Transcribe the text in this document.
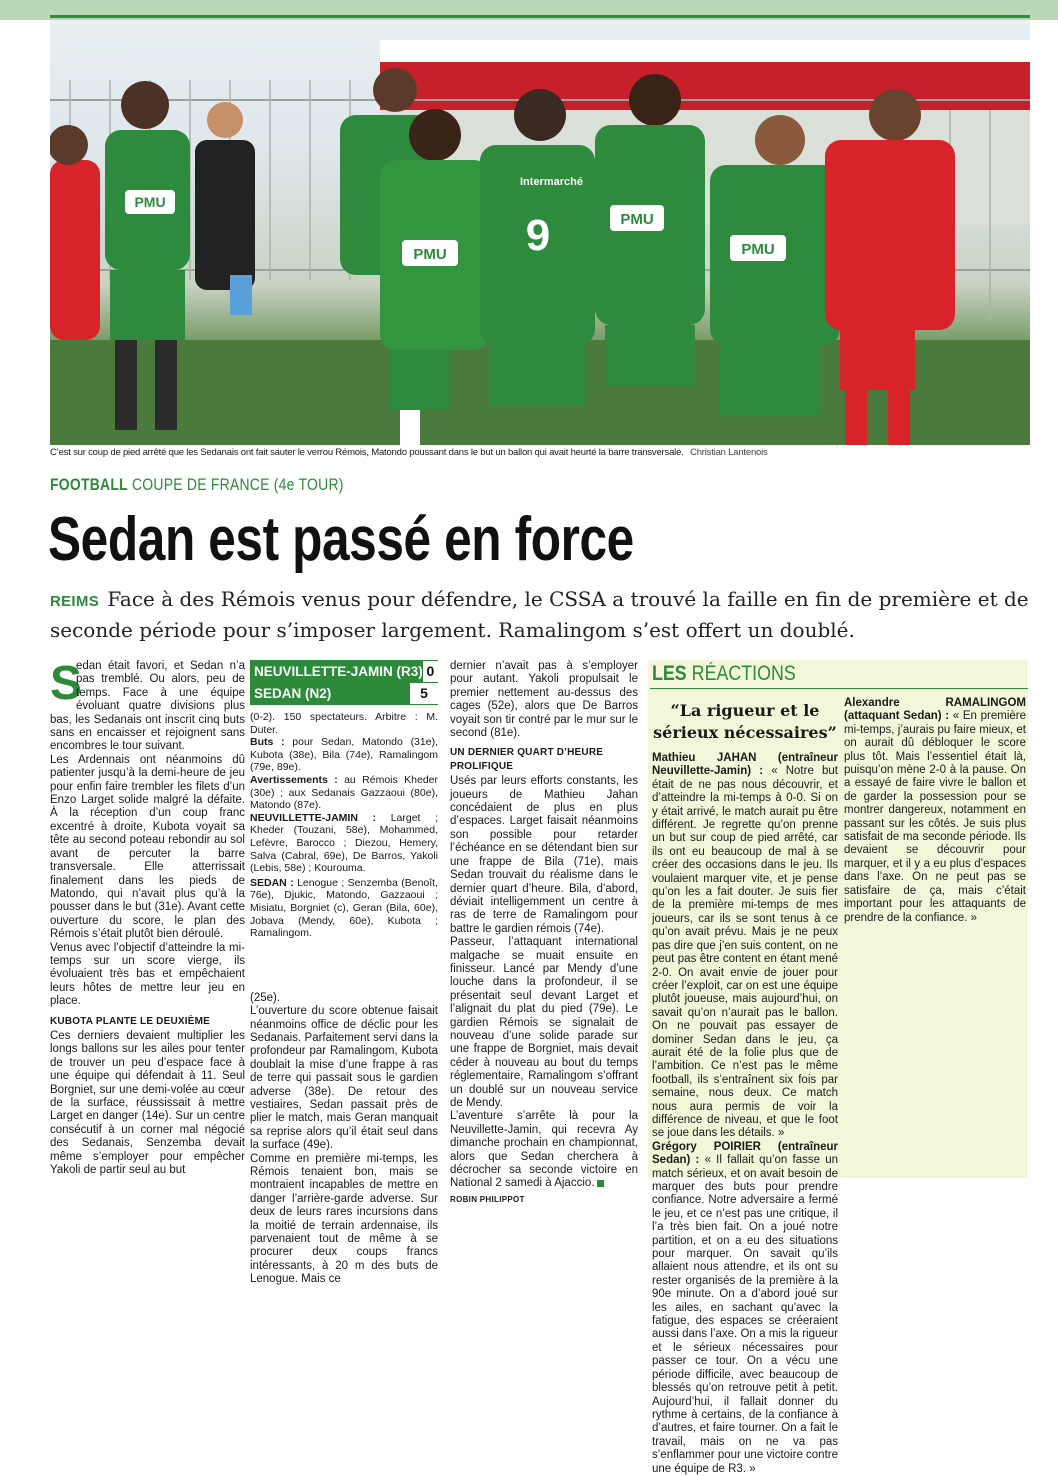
PMU
PMU
Intermarché
9	PMU
PMU
C’est sur coup de pied arrêté que les Sedanais ont fait sauter le verrou Rémois, Matondo poussant dans le but un ballon qui avait heurté la barre transversale. Christian Lantenois
FOOTBALL COUPE DE FRANCE (4e TOUR)
Sedan est passé en force
REIMS Face à des Rémois venus pour défendre, le CSSA a trouvé la faille en fin de première et de seconde période pour s’imposer largement. Ramalingom s’est offert un doublé.

S
edan était favori, et Sedan n’a pas tremblé. Ou alors, peu de temps. Face à une équipe évoluant quatre divisions plus bas, les Sedanais ont inscrit cinq buts sans en encaisser et rejoignent sans encombres le tour suivant.

Les Ardennais ont néanmoins dû patienter jusqu’à la demi-heure de jeu pour enfin faire trembler les filets d’un Enzo Larget solide malgré la défaite. À la réception d’un coup franc excentré à droite, Kubota voyait sa tête au second poteau rebondir au sol avant de percuter la barre transversale. Elle atterrissait finalement dans les pieds de Matondo, qui n’avait plus qu’à la pousser dans le but (31e). Avant cette ouverture du score, le plan des Rémois s’était plutôt bien déroulé.

Venus avec l’objectif d’atteindre la mi-temps sur un score vierge, ils évoluaient très bas et empêchaient leurs hôtes de mettre leur jeu en place.

KUBOTA PLANTE LE DEUXIÈME

Ces derniers devaient multiplier les longs ballons sur les ailes pour tenter de trouver un peu d’espace face à une équipe qui défendait à 11. Seul Borgniet, sur une demi-volée au cœur de la surface, réussissait à mettre Larget en danger (14e). Sur un centre consécutif à un corner mal négocié des Sedanais, Senzemba devait même s’employer pour empêcher Yakoli de partir seul au but

NEUVILLETTE-JAMIN (R3) 0
SEDAN (N2)	5

(0-2). 150 spectateurs. Arbitre : M. Duter.

Buts : pour Sedan, Matondo (31e), Kubota (38e), Bila (74e), Ramalingom (79e, 89e).

Avertissements : au Rémois Kheder (30e) ; aux Sedanais Gazzaoui (80e), Matondo (87e).

NEUVILLETTE-JAMIN : Larget ; Kheder (Touzani, 58e), Mohammed, Lefèvre, Barocco ; Diezou, Hemery, Salva (Cabral, 69e), De Barros, Yakoli (Lebis, 58e) ; Kourouma.

SEDAN : Lenogue ; Senzemba (Benoît, 76e), Djukic, Matondo, Gazzaoui ; Misiatu, Borgniet (c), Geran (Bila, 60e), Jobava (Mendy, 60e), Kubota ; Ramalingom.

(25e).

L’ouverture du score obtenue faisait néanmoins office de déclic pour les Sedanais. Parfaitement servi dans la profondeur par Ramalingom, Kubota doublait la mise d’une frappe à ras de terre qui passait sous le gardien adverse (38e). De retour des vestiaires, Sedan passait près de plier le match, mais Geran manquait sa reprise alors qu’il était seul dans la surface (49e).

Comme en première mi-temps, les Rémois tenaient bon, mais se montraient incapables de mettre en danger l’arrière-garde adverse. Sur deux de leurs rares incursions dans la moitié de terrain ardennaise, ils parvenaient tout de même à se procurer deux coups francs intéressants, à 20 m des buts de Lenogue. Mais ce

dernier n’avait pas à s’employer pour autant. Yakoli propulsait le premier nettement au-dessus des cages (52e), alors que De Barros voyait son tir contré par le mur sur le second (81e).

UN DERNIER QUART D’HEURE PROLIFIQUE

Usés par leurs efforts constants, les joueurs de Mathieu Jahan concédaient de plus en plus d’espaces. Larget faisait néanmoins son possible pour retarder l’échéance en se détendant bien sur une frappe de Bila (71e), mais Sedan trouvait du réalisme dans le dernier quart d’heure. Bila, d’abord, déviait intelligemment un centre à ras de terre de Ramalingom pour battre le gardien rémois (74e).

Passeur, l’attaquant international malgache se muait ensuite en finisseur. Lancé par Mendy d’une louche dans la profondeur, il se présentait seul devant Larget et l’alignait du plat du pied (79e). Le gardien Rémois se signalait de nouveau d’une solide parade sur une frappe de Borgniet, mais devait céder à nouveau au bout du temps réglementaire, Ramalingom s’offrant un doublé sur un nouveau service de Mendy.

L’aventure s’arrête là pour la Neuvillette-Jamin, qui recevra Ay dimanche prochain en championnat, alors que Sedan cherchera à décrocher sa seconde victoire en National 2 samedi à Ajaccio.

ROBIN PHILIPPOT
LES RÉACTIONS

“La rigueur et le sérieux nécessaires”

Mathieu JAHAN (entraîneur Neuvillette-Jamin) : « Notre but était de ne pas nous découvrir, et d’atteindre la mi-temps à 0-0. Si on y était arrivé, le match aurait pu être différent. Je regrette qu’on prenne un but sur coup de pied arrêté, car ils ont eu beaucoup de mal à se créer des occasions dans le jeu. Ils voulaient marquer vite, et je pense qu’on les a fait douter. Je suis fier de la première mi-temps de mes joueurs, car ils se sont tenus à ce qu’on avait prévu. Mais je ne peux pas dire que j’en suis content, on ne peut pas être content en étant mené 2-0. On avait envie de jouer pour créer l’exploit, car on est une équipe plutôt joueuse, mais aujourd’hui, on savait qu’on n’aurait pas le ballon. On ne pouvait pas essayer de dominer Sedan dans le jeu, ça aurait été de la folie plus que de l’ambition. Ce n’est pas le même football, ils s’entraînent six fois par semaine, nous deux. Ce match nous aura permis de voir la différence de niveau, et que le foot se joue dans les détails. »

Grégory POIRIER (entraîneur Sedan) : « Il fallait qu’on fasse un match sérieux, et on avait besoin de marquer des buts pour prendre confiance. Notre adversaire a fermé le jeu, et ce n’est pas une critique, il l’a très bien fait. On a joué notre partition, et on a eu des situations pour marquer. On savait qu’ils allaient nous attendre, et ils ont su rester organisés de la première à la 90e minute. On a d’abord joué sur les ailes, en sachant qu’avec la fatigue, des espaces se créeraient aussi dans l’axe. On a mis la rigueur et le sérieux nécessaires pour passer ce tour. On a vécu une période difficile, avec beaucoup de blessés qu’on retrouve petit à petit. Aujourd’hui, il fallait donner du rythme à certains, de la confiance à d’autres, et faire tourner. On a fait le travail, mais on ne va pas s’enflammer pour une victoire contre une équipe de R3. »

Alexandre RAMALINGOM (attaquant Sedan) : « En première mi-temps, j’aurais pu faire mieux, et on aurait dû débloquer le score plus tôt. Mais l’essentiel était là, puisqu’on mène 2-0 à la pause. On a essayé de faire vivre le ballon et de garder la possession pour se montrer dangereux, notamment en passant sur les côtés. Je suis plus satisfait de ma seconde période. Ils devaient se découvrir pour marquer, et il y a eu plus d’espaces dans l’axe. On ne peut pas se satisfaire de ça, mais c’était important pour les attaquants de prendre de la confiance. »
